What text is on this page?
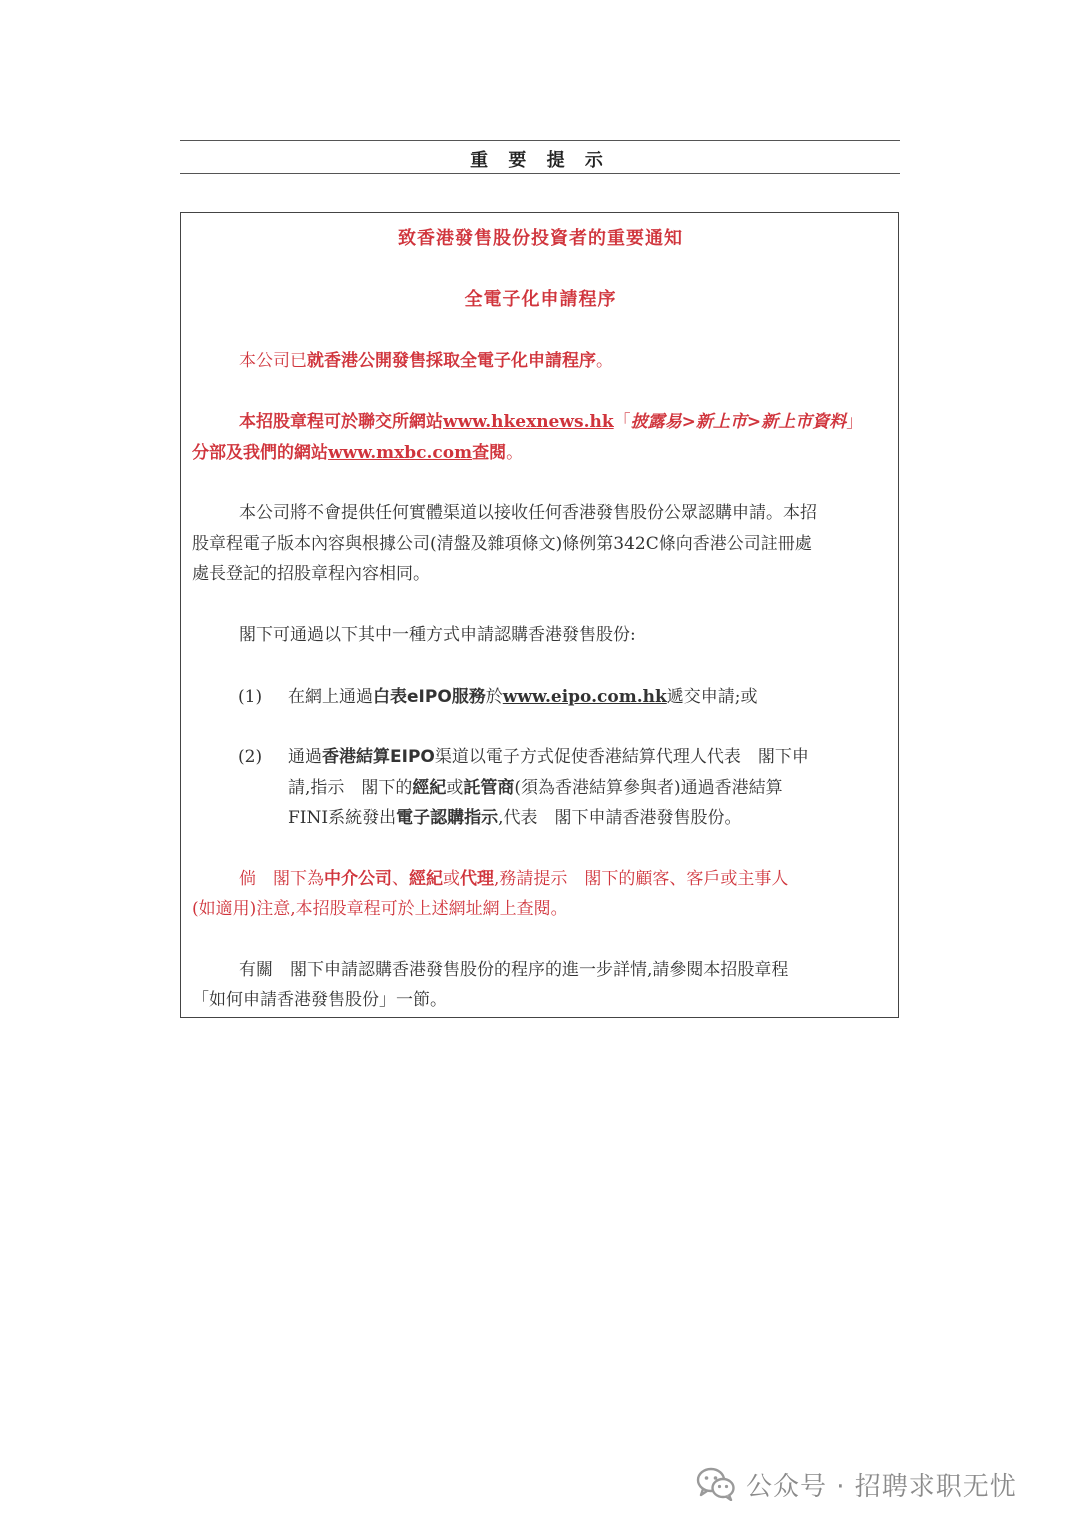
重 要 提 示
致香港發售股份投資者的重要通知
全電子化申請程序
本公司已就香港公開發售採取全電子化申請程序。
本招股章程可於聯交所網站www.hkexnews.hk「披露易>新上市>新上市資料」
分部及我們的網站www.mxbc.com查閱。
本公司將不會提供任何實體渠道以接收任何香港發售股份公眾認購申請。本招
股章程電子版本內容與根據公司(清盤及雜項條文)條例第342C條向香港公司註冊處
處長登記的招股章程內容相同。
閣下可通過以下其中一種方式申請認購香港發售股份:
(1) 在網上通過白表eIPO服務於www.eipo.com.hk遞交申請;或
(2) 通過香港結算EIPO渠道以電子方式促使香港結算代理人代表　閣下申
請,指示　閣下的經紀或託管商(須為香港結算參與者)通過香港結算
FINI系統發出電子認購指示,代表　閣下申請香港發售股份。
倘　閣下為中介公司、經紀或代理,務請提示　閣下的顧客、客戶或主事人
(如適用)注意,本招股章程可於上述網址網上查閱。
有關　閣下申請認購香港發售股份的程序的進一步詳情,請參閱本招股章程
「如何申請香港發售股份」一節。
公众号 · 招聘求职无忧
